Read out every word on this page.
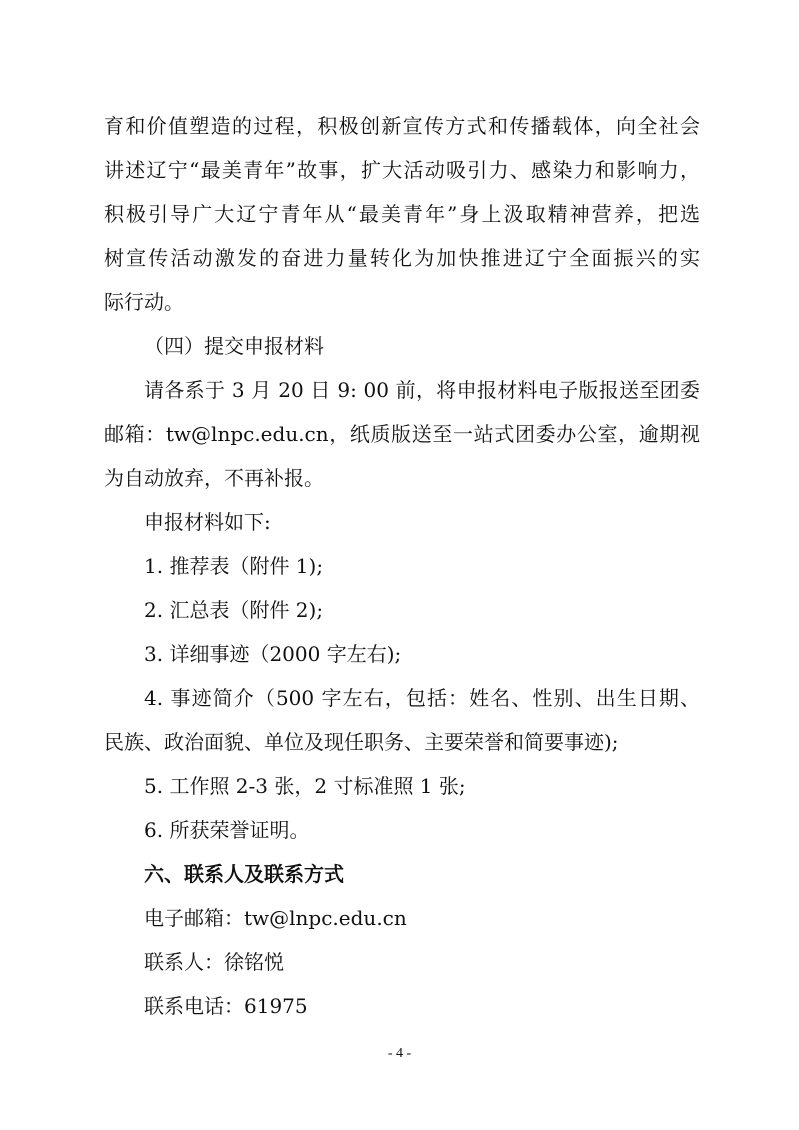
育和价值塑造的过程，积极创新宣传方式和传播载体，向全社会
讲述辽宁“最美青年”故事，扩大活动吸引力、感染力和影响力，
积极引导广大辽宁青年从“最美青年”身上汲取精神营养，把选
树宣传活动激发的奋进力量转化为加快推进辽宁全面振兴的实
际行动。
（四）提交申报材料
请各系于 3 月 20 日 9: 00 前，将申报材料电子版报送至团委
邮箱：tw@lnpc.edu.cn，纸质版送至一站式团委办公室，逾期视
为自动放弃，不再补报。
申报材料如下:
1. 推荐表（附件 1);
2. 汇总表（附件 2);
3. 详细事迹（2000 字左右);
4. 事迹简介（500 字左右，包括：姓名、性别、出生日期、
民族、政治面貌、单位及现任职务、主要荣誉和简要事迹);
5. 工作照 2-3 张，2 寸标准照 1 张;
6. 所获荣誉证明。
六、联系人及联系方式
电子邮箱：tw@lnpc.edu.cn
联系人：徐铭悦
联系电话：61975
- 4 -
